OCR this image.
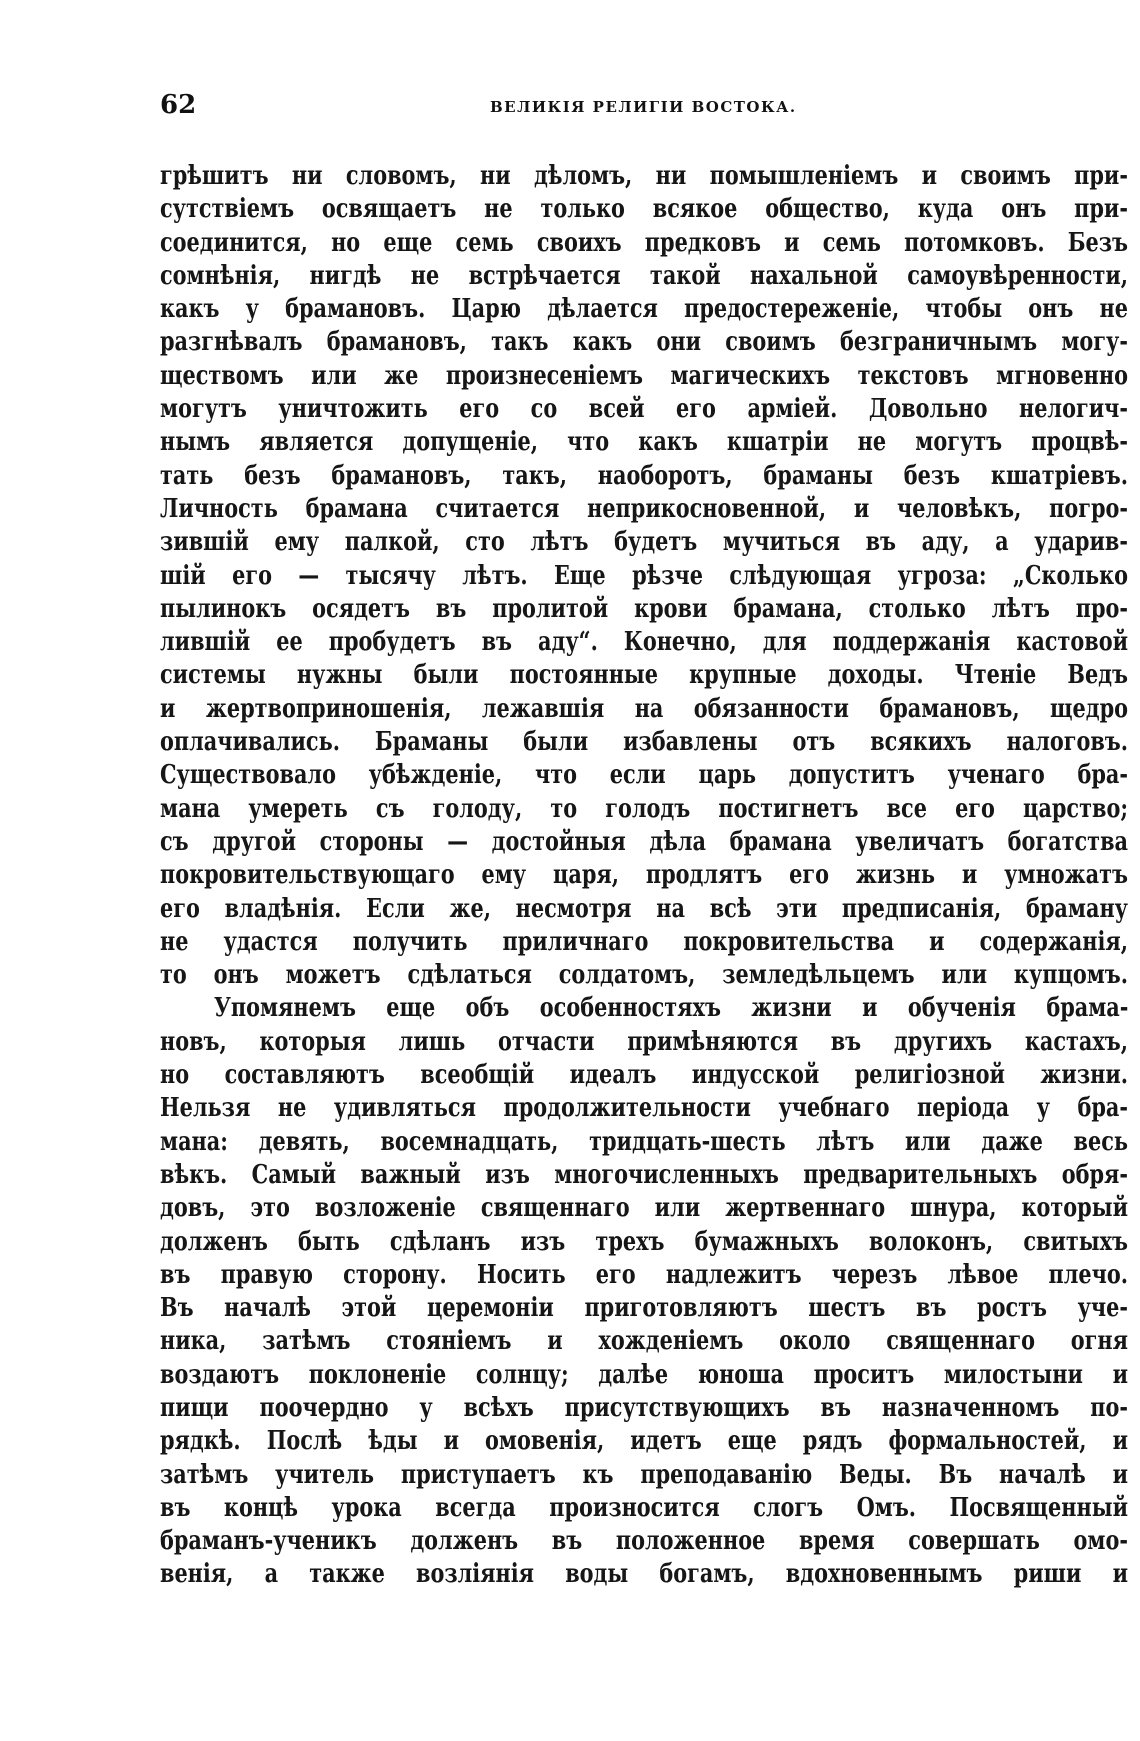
62	ВЕЛИКІЯ РЕЛИГІИ ВОСТОКА.
грѣшитъ ни словомъ, ни дѣломъ, ни помышленіемъ и своимъ при-
сутствіемъ освящаетъ не только всякое общество, куда онъ при-
соединится, но еще семь своихъ предковъ и семь потомковъ. Безъ
сомнѣнія, нигдѣ не встрѣчается такой нахальной самоувѣренности,
какъ у брамановъ. Царю дѣлается предостереженіе, чтобы онъ не
разгнѣвалъ брамановъ, такъ какъ они своимъ безграничнымъ могу-
ществомъ или же произнесеніемъ магическихъ текстовъ мгновенно
могутъ уничтожить его со всей его арміей. Довольно нелогич-
нымъ является допущеніе, что какъ кшатріи не могутъ процвѣ-
тать безъ брамановъ, такъ, наоборотъ, браманы безъ кшатріевъ.
Личность брамана считается неприкосновенной, и человѣкъ, погро-
зившій ему палкой, сто лѣтъ будетъ мучиться въ аду, а ударив-
шій его — тысячу лѣтъ. Еще рѣзче слѣдующая угроза: „Сколько
пылинокъ осядетъ въ пролитой крови брамана, столько лѣтъ про-
лившій ее пробудетъ въ аду“. Конечно, для поддержанія кастовой
системы нужны были постоянные крупные доходы. Чтеніе Ведъ
и жертвоприношенія, лежавшія на обязанности брамановъ, щедро
оплачивались. Браманы были избавлены отъ всякихъ налоговъ.
Существовало убѣжденіе, что если царь допуститъ ученаго бра-
мана умереть съ голоду, то голодъ постигнетъ все его царство;
съ другой стороны — достойныя дѣла брамана увеличатъ богатства
покровительствующаго ему царя, продлятъ его жизнь и умножатъ
его владѣнія. Если же, несмотря на всѣ эти предписанія, браману
не удастся получить приличнаго покровительства и содержанія,
то онъ можетъ сдѣлаться солдатомъ, земледѣльцемъ или купцомъ.
Упомянемъ еще объ особенностяхъ жизни и обученія брама-
новъ, которыя лишь отчасти примѣняются въ другихъ кастахъ,
но составляютъ всеобщій идеалъ индусской религіозной жизни.
Нельзя не удивляться продолжительности учебнаго періода у бра-
мана: девять, восемнадцать, тридцать-шесть лѣтъ или даже весь
вѣкъ. Самый важный изъ многочисленныхъ предварительныхъ обря-
довъ, это возложеніе священнаго или жертвеннаго шнура, который
долженъ быть сдѣланъ изъ трехъ бумажныхъ волоконъ, свитыхъ
въ правую сторону. Носить его надлежитъ черезъ лѣвое плечо.
Въ началѣ этой церемоніи приготовляютъ шестъ въ ростъ уче-
ника, затѣмъ стояніемъ и хожденіемъ около священнаго огня
воздаютъ поклоненіе солнцу; далѣе юноша проситъ милостыни и
пищи поочердно у всѣхъ присутствующихъ въ назначенномъ по-
рядкѣ. Послѣ ѣды и омовенія, идетъ еще рядъ формальностей, и
затѣмъ учитель приступаетъ къ преподаванію Веды. Въ началѣ и
въ концѣ урока всегда произносится слогъ Омъ. Посвященный
браманъ-ученикъ долженъ въ положенное время совершать омо-
венія, а также возліянія воды богамъ, вдохновеннымъ риши и
